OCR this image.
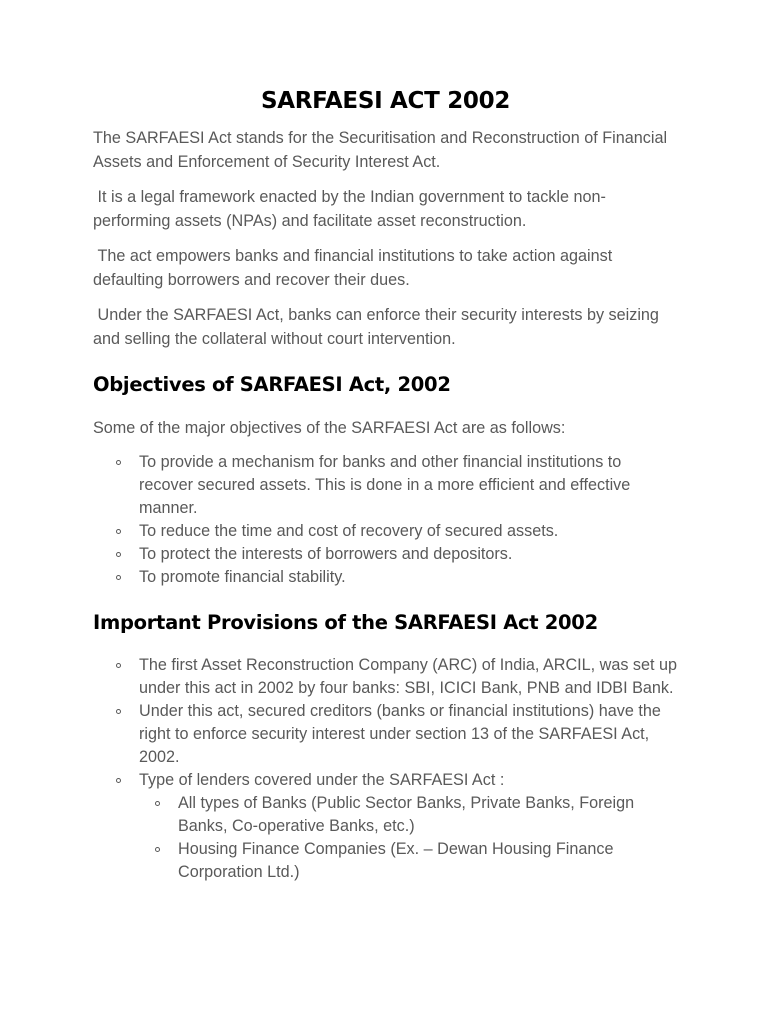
SARFAESI ACT 2002

The SARFAESI Act stands for the Securitisation and Reconstruction of Financial Assets and Enforcement of Security Interest Act.

It is a legal framework enacted by the Indian government to tackle non-performing assets (NPAs) and facilitate asset reconstruction.

The act empowers banks and financial institutions to take action against defaulting borrowers and recover their dues.

Under the SARFAESI Act, banks can enforce their security interests by seizing and selling the collateral without court intervention.

Objectives of SARFAESI Act, 2002

Some of the major objectives of the SARFAESI Act are as follows:

To provide a mechanism for banks and other financial institutions to recover secured assets. This is done in a more efficient and effective manner.
To reduce the time and cost of recovery of secured assets.
To protect the interests of borrowers and depositors.
To promote financial stability.
Important Provisions of the SARFAESI Act 2002
The first Asset Reconstruction Company (ARC) of India, ARCIL, was set up under this act in 2002 by four banks: SBI, ICICI Bank, PNB and IDBI Bank.
Under this act, secured creditors (banks or financial institutions) have the right to enforce security interest under section 13 of the SARFAESI Act, 2002.
Type of lenders covered under the SARFAESI Act :
All types of Banks (Public Sector Banks, Private Banks, Foreign Banks, Co-operative Banks, etc.)
Housing Finance Companies (Ex. – Dewan Housing Finance Corporation Ltd.)
